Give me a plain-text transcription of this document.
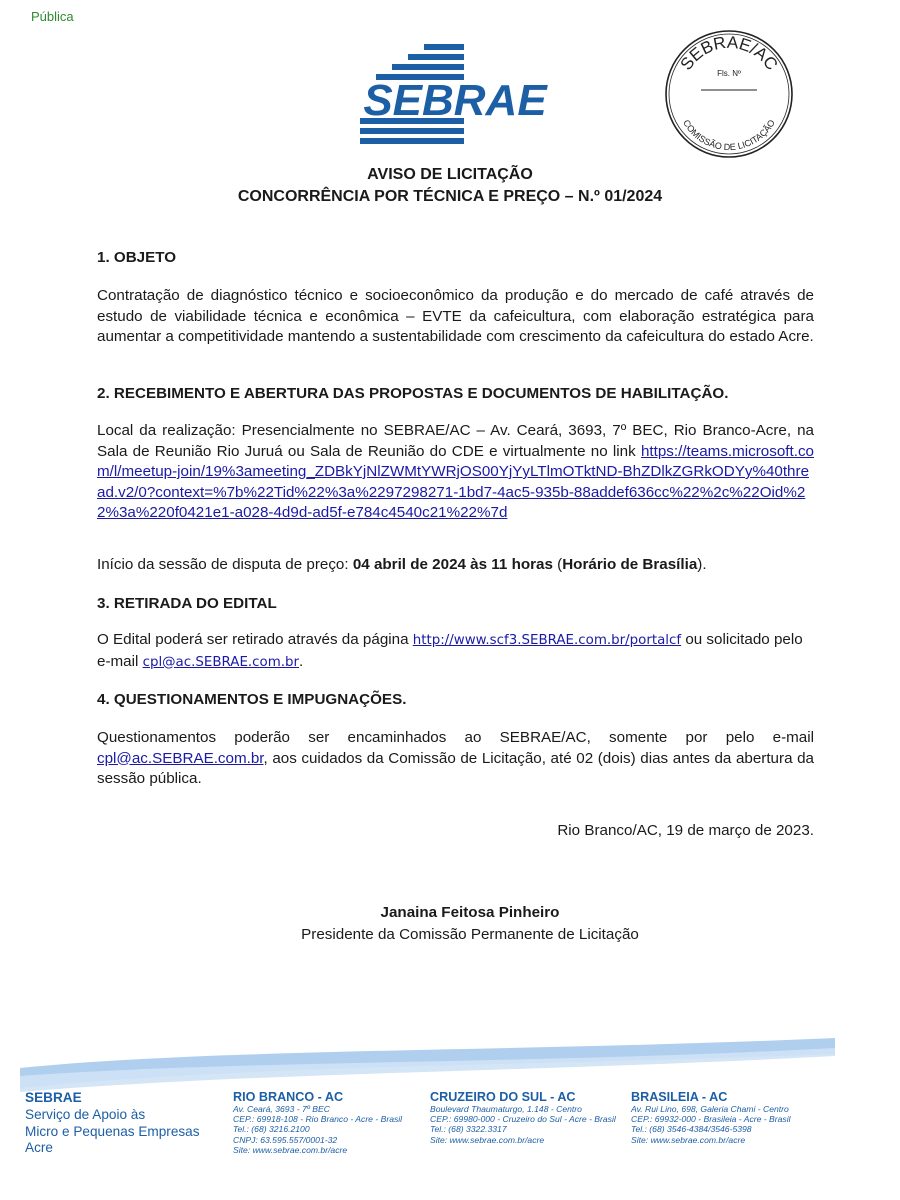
Pública
SEBRAE
SEBRAE/AC
Fls. Nº
COMISSÃO DE LICITAÇÃO
AVISO DE LICITAÇÃO
CONCORRÊNCIA POR TÉCNICA E PREÇO – N.º 01/2024
1. OBJETO
Contratação de diagnóstico técnico e socioeconômico da produção e do mercado de café através de estudo de viabilidade técnica e econômica – EVTE da cafeicultura, com elaboração estratégica para aumentar a competitividade mantendo a sustentabilidade com crescimento da cafeicultura do estado Acre.
2. RECEBIMENTO E ABERTURA DAS PROPOSTAS E DOCUMENTOS DE HABILITAÇÃO.
Local da realização: Presencialmente no SEBRAE/AC – Av. Ceará, 3693, 7º BEC, Rio Branco-Acre, na Sala de Reunião Rio Juruá ou Sala de Reunião do CDE e virtualmente no link https://teams.microsoft.com/l/meetup-join/19%3ameeting_ZDBkYjNlZWMtYWRjOS00YjYyLTlmOTktND-BhZDlkZGRkODYy%40thread.v2/0?context=%7b%22Tid%22%3a%2297298271-1bd7-4ac5-935b-88addef636cc%22%2c%22Oid%22%3a%220f0421e1-a028-4d9d-ad5f-e784c4540c21%22%7d
Início da sessão de disputa de preço: 04 abril de 2024 às 11 horas (Horário de Brasília).
3. RETIRADA DO EDITAL
O Edital poderá ser retirado através da página http://www.scf3.SEBRAE.com.br/portalcf ou solicitado pelo e-mail cpl@ac.SEBRAE.com.br.
4. QUESTIONAMENTOS E IMPUGNAÇÕES.
Questionamentos poderão ser encaminhados ao SEBRAE/AC, somente por pelo e-mail cpl@ac.SEBRAE.com.br, aos cuidados da Comissão de Licitação, até 02 (dois) dias antes da abertura da sessão pública.
Rio Branco/AC, 19 de março de 2023.
Janaina Feitosa Pinheiro
Presidente da Comissão Permanente de Licitação
SEBRAE
Serviço de Apoio às
Micro e Pequenas Empresas
Acre
RIO BRANCO - AC
Av. Ceará, 3693 - 7º BEC
CEP.: 69918-108 - Rio Branco - Acre - Brasil
Tel.: (68) 3216.2100
CNPJ: 63.595.557/0001-32
Site: www.sebrae.com.br/acre
CRUZEIRO DO SUL - AC
Boulevard Thaumaturgo, 1.148 - Centro
CEP.: 69980-000 - Cruzeiro do Sul - Acre - Brasil
Tel.: (68) 3322.3317
Site: www.sebrae.com.br/acre
BRASILEIA - AC
Av. Rui Lino, 698, Galeria Chami - Centro
CEP.: 69932-000 - Brasileia - Acre - Brasil
Tel.: (68) 3546-4384/3546-5398
Site: www.sebrae.com.br/acre
